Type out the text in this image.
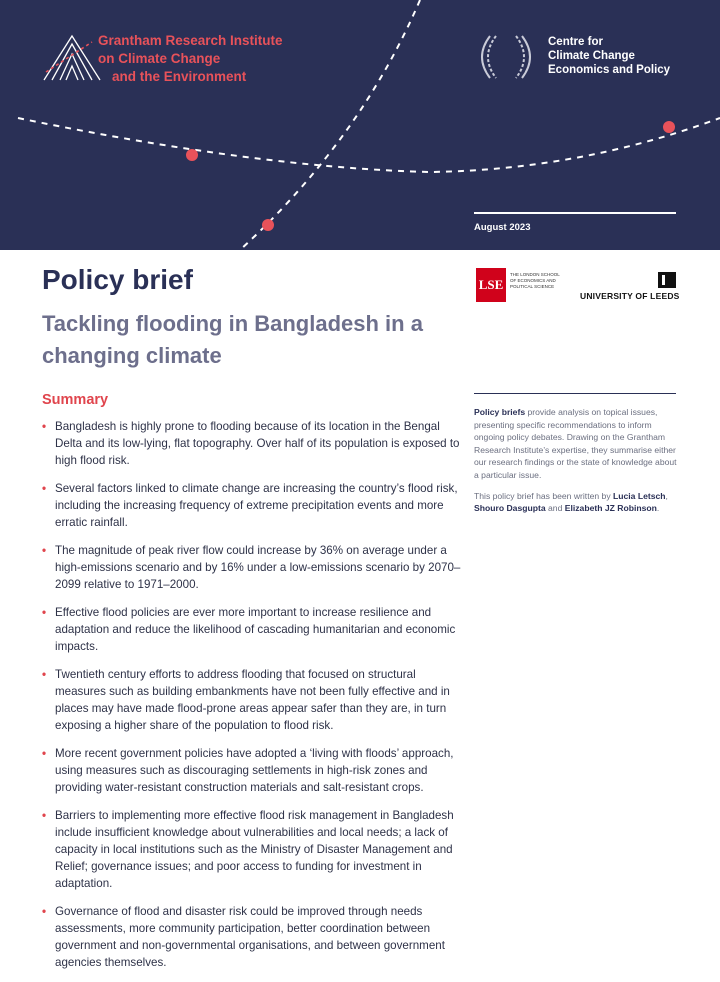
Grantham Research Institute
on Climate Change
and the Environment
Centre for
Climate Change
Economics and Policy
August 2023
Policy brief
Tackling flooding in Bangladesh in a changing climate
LSE
THE LONDON SCHOOL
OF ECONOMICS AND
POLITICAL SCIENCE
UNIVERSITY OF LEEDS

Policy briefs provide analysis on topical issues, presenting specific recommendations to inform ongoing policy debates. Drawing on the Grantham Research Institute’s expertise, they summarise either our research findings or the state of knowledge about a particular issue.

This policy brief has been written by Lucia Letsch, Shouro Dasgupta and Elizabeth JZ Robinson.

Summary
• Bangladesh is highly prone to flooding because of its location in the Bengal Delta and its low-lying, flat topography. Over half of its population is exposed to high flood risk.
• Several factors linked to climate change are increasing the country’s flood risk, including the increasing frequency of extreme precipitation events and more erratic rainfall.
• The magnitude of peak river flow could increase by 36% on average under a high-emissions scenario and by 16% under a low-emissions scenario by 2070–2099 relative to 1971–2000.
• Effective flood policies are ever more important to increase resilience and adaptation and reduce the likelihood of cascading humanitarian and economic impacts.
• Twentieth century efforts to address flooding that focused on structural measures such as building embankments have not been fully effective and in places may have made flood-prone areas appear safer than they are, in turn exposing a higher share of the population to flood risk.
• More recent government policies have adopted a ‘living with floods’ approach, using measures such as discouraging settlements in high-risk zones and providing water-resistant construction materials and salt-resistant crops.
• Barriers to implementing more effective flood risk management in Bangladesh include insufficient knowledge about vulnerabilities and local needs; a lack of capacity in local institutions such as the Ministry of Disaster Management and Relief; governance issues; and poor access to funding for investment in adaptation.
• Governance of flood and disaster risk could be improved through needs assessments, more community participation, better coordination between government and non-governmental organisations, and between government agencies themselves.
